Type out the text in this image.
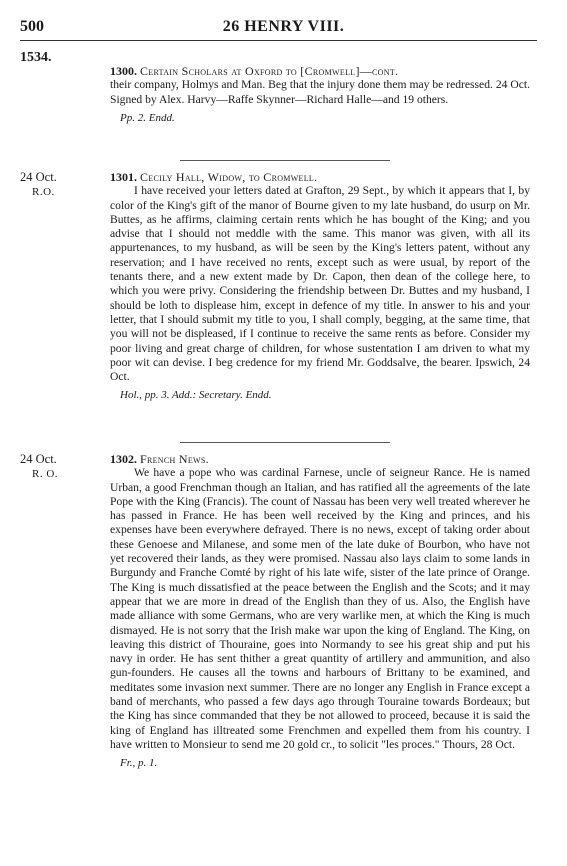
500	26 HENRY VIII.
1534.
1300. Certain Scholars at Oxford to [Cromwell]—cont.

their company, Holmys and Man. Beg that the injury done them may be redressed. 24 Oct. Signed by Alex. Harvy—Raffe Skynner—Richard Halle—and 19 others.

Pp. 2. Endd.
24 Oct.
R.O.
1301. Cecily Hall, Widow, to Cromwell.

I have received your letters dated at Grafton, 29 Sept., by which it appears that I, by color of the King's gift of the manor of Bourne given to my late husband, do usurp on Mr. Buttes, as he affirms, claiming certain rents which he has bought of the King; and you advise that I should not meddle with the same. This manor was given, with all its appurtenances, to my husband, as will be seen by the King's letters patent, without any reservation; and I have received no rents, except such as were usual, by report of the tenants there, and a new extent made by Dr. Capon, then dean of the college here, to which you were privy. Considering the friendship between Dr. Buttes and my husband, I should be loth to displease him, except in defence of my title. In answer to his and your letter, that I should submit my title to you, I shall comply, begging, at the same time, that you will not be displeased, if I continue to receive the same rents as before. Consider my poor living and great charge of children, for whose sustentation I am driven to what my poor wit can devise. I beg credence for my friend Mr. Goddsalve, the bearer. Ipswich, 24 Oct.

Hol., pp. 3. Add.: Secretary. Endd.
24 Oct.
R. O.
1302. French News.

We have a pope who was cardinal Farnese, uncle of seigneur Rance. He is named Urban, a good Frenchman though an Italian, and has ratified all the agreements of the late Pope with the King (Francis). The count of Nassau has been very well treated wherever he has passed in France. He has been well received by the King and princes, and his expenses have been everywhere defrayed. There is no news, except of taking order about these Genoese and Milanese, and some men of the late duke of Bourbon, who have not yet recovered their lands, as they were promised. Nassau also lays claim to some lands in Burgundy and Franche Comté by right of his late wife, sister of the late prince of Orange. The King is much dissatisfied at the peace between the English and the Scots; and it may appear that we are more in dread of the English than they of us. Also, the English have made alliance with some Germans, who are very warlike men, at which the King is much dismayed. He is not sorry that the Irish make war upon the king of England. The King, on leaving this district of Thouraine, goes into Normandy to see his great ship and put his navy in order. He has sent thither a great quantity of artillery and ammunition, and also gun-founders. He causes all the towns and harbours of Brittany to be examined, and meditates some invasion next summer. There are no longer any English in France except a band of merchants, who passed a few days ago through Touraine towards Bordeaux; but the King has since commanded that they be not allowed to proceed, because it is said the king of England has illtreated some Frenchmen and expelled them from his country. I have written to Monsieur to send me 20 gold cr., to solicit "les proces." Thours, 28 Oct.

Fr., p. 1.
